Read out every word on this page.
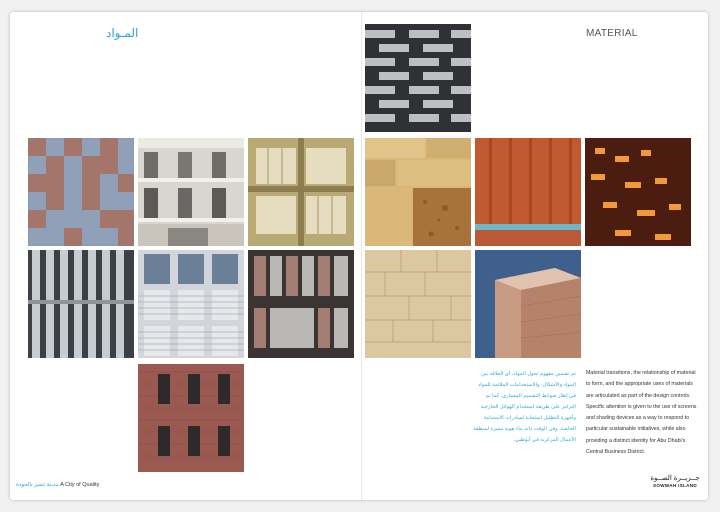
المـواد
مدينة تتميز بالجودة A City of Quality
MATERIAL
تم تضمين مفهوم تحول المواد، أي العلاقة بين المواد والأشكال، والاستخدامات الملائمة للمواد في إطار ضوابط التصميم المعماري. كما تم التركيز على طريقة استخدام الهوائل الخارجية وأجهزة التظليل استجابة لمبادرات الاستدامة الخاصة، وفي الوقت ذاته بناء هوية مميزة لمنطقة الأعمال المركزية في أبوظبي.
Material transitions, the relationship of material to form, and the appropriate uses of materials are articulated as part of the design controls. Specific attention is given to the use of screens and shading devices as a way to respond to particular sustainable initiatives, while also providing a distinct identity for Abu Dhabi's Central Business District.
جــزيــرة الصــوة
SOWWAH ISLAND
